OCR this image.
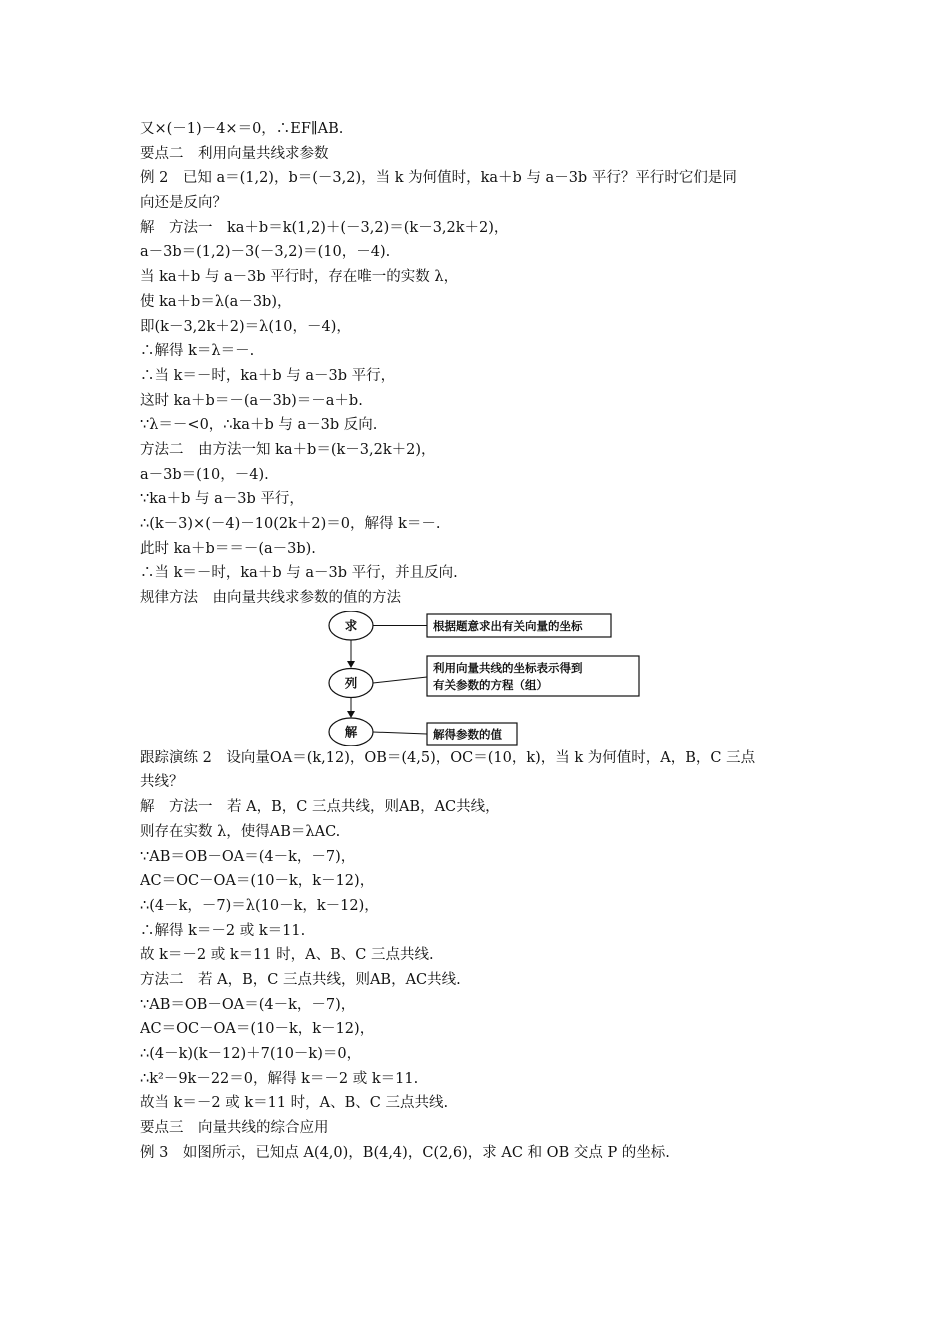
又×(－1)－4×＝0，∴EF∥AB.
要点二　利用向量共线求参数
例 2　已知 a＝(1,2)，b＝(－3,2)，当 k 为何值时，ka＋b 与 a－3b 平行？平行时它们是同
向还是反向？
解　方法一　ka＋b＝k(1,2)＋(－3,2)＝(k－3,2k＋2)，
a－3b＝(1,2)－3(－3,2)＝(10，－4).
当 ka＋b 与 a－3b 平行时，存在唯一的实数 λ，
使 ka＋b＝λ(a－3b)，
即(k－3,2k＋2)＝λ(10，－4)，
∴解得 k＝λ＝－.
∴当 k＝－时，ka＋b 与 a－3b 平行，
这时 ka＋b＝－(a－3b)＝－a＋b.
∵λ＝－<0，∴ka＋b 与 a－3b 反向.
方法二　由方法一知 ka＋b＝(k－3,2k＋2)，
a－3b＝(10，－4).
∵ka＋b 与 a－3b 平行，
∴(k－3)×(－4)－10(2k＋2)＝0，解得 k＝－.
此时 ka＋b＝＝－(a－3b).
∴当 k＝－时，ka＋b 与 a－3b 平行，并且反向.
规律方法　由向量共线求参数的值的方法
求	根据题意求出有关向量的坐标
列
利用向量共线的坐标表示得到
有关参数的方程（组）
解	解得参数的值
跟踪演练 2　设向量OA＝(k,12)，OB＝(4,5)，OC＝(10，k)，当 k 为何值时，A，B，C 三点
共线？
解　方法一　若 A，B，C 三点共线，则AB，AC共线，
则存在实数 λ，使得AB＝λAC.
∵AB＝OB－OA＝(4－k，－7)，
AC＝OC－OA＝(10－k，k－12)，
∴(4－k，－7)＝λ(10－k，k－12)，
∴解得 k＝－2 或 k＝11.
故 k＝－2 或 k＝11 时，A、B、C 三点共线.
方法二　若 A，B，C 三点共线，则AB，AC共线.
∵AB＝OB－OA＝(4－k，－7)，
AC＝OC－OA＝(10－k，k－12)，
∴(4－k)(k－12)＋7(10－k)＝0，
∴k²－9k－22＝0，解得 k＝－2 或 k＝11.
故当 k＝－2 或 k＝11 时，A、B、C 三点共线.
要点三　向量共线的综合应用
例 3　如图所示，已知点 A(4,0)，B(4,4)，C(2,6)，求 AC 和 OB 交点 P 的坐标.
